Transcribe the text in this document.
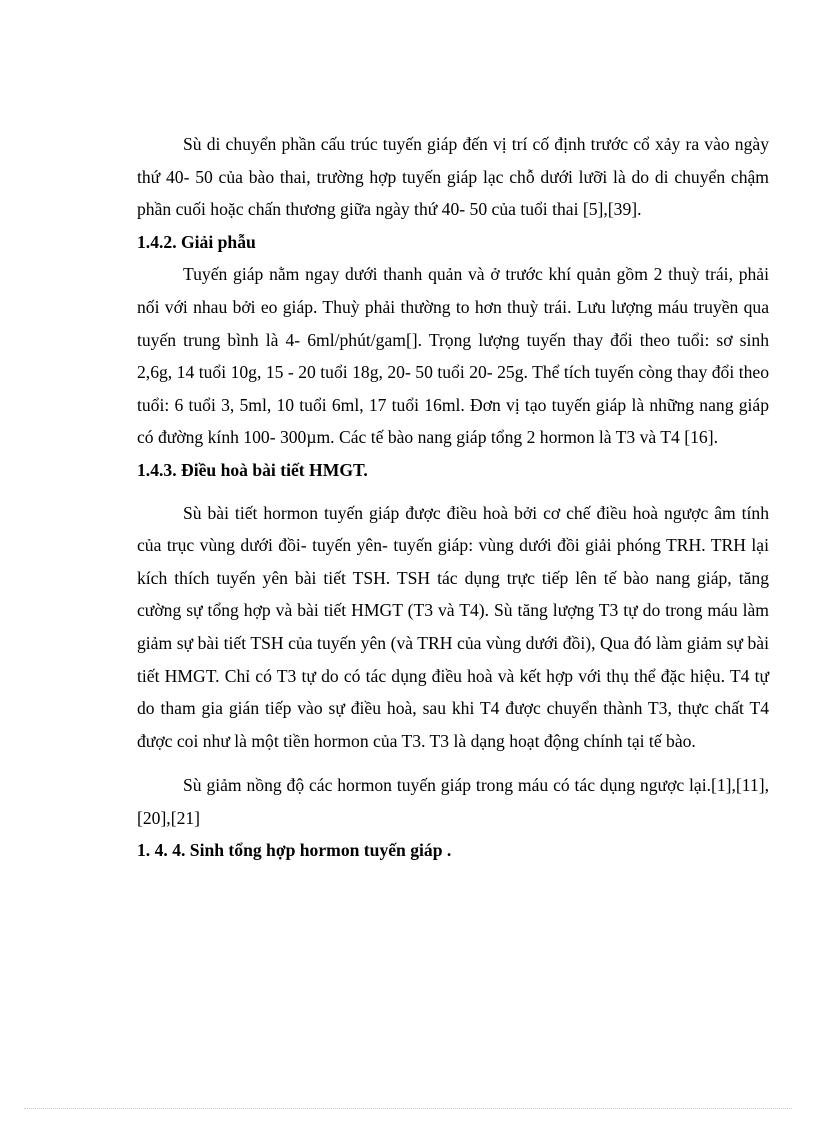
Sù di chuyển phần cấu trúc tuyến giáp đến vị trí cố định trước cổ xảy ra vào ngày thứ 40- 50 của bào thai, trường hợp tuyến giáp lạc chỗ dưới lưỡi là do di chuyển chậm phần cuối hoặc chấn thương giữa ngày thứ 40- 50 của tuổi thai [5],[39].

1.4.2. Giải phẫu

Tuyến giáp nằm ngay dưới thanh quản và ở trước khí quản gồm 2 thuỳ trái, phải nối với nhau bởi eo giáp. Thuỳ phải thường to hơn thuỳ trái. Lưu lượng máu truyền qua tuyến trung bình là 4- 6ml/phút/gam[]. Trọng lượng tuyến thay đổi theo tuổi: sơ sinh 2,6g, 14 tuổi 10g, 15 - 20 tuổi 18g, 20- 50 tuổi 20- 25g. Thể tích tuyến còng thay đổi theo tuổi: 6 tuổi 3, 5ml, 10 tuổi 6ml, 17 tuổi 16ml. Đơn vị tạo tuyến giáp là những nang giáp có đường kính 100- 300µm. Các tế bào nang giáp tổng 2 hormon là T3 và T4 [16].

1.4.3. Điều hoà bài tiết HMGT.

Sù bài tiết hormon tuyến giáp được điều hoà bởi cơ chế điều hoà ngược âm tính của trục vùng dưới đồi- tuyến yên- tuyến giáp: vùng dưới đồi giải phóng TRH. TRH lại kích thích tuyến yên bài tiết TSH. TSH tác dụng trực tiếp lên tế bào nang giáp, tăng cường sự tổng hợp và bài tiết HMGT (T3 và T4). Sù tăng lượng T3 tự do trong máu làm giảm sự bài tiết TSH của tuyến yên (và TRH của vùng dưới đồi), Qua đó làm giảm sự bài tiết HMGT. Chỉ có T3 tự do có tác dụng điều hoà và kết hợp với thụ thể đặc hiệu. T4 tự do tham gia gián tiếp vào sự điều hoà, sau khi T4 được chuyển thành T3, thực chất T4 được coi như là một tiền hormon của T3. T3 là dạng hoạt động chính tại tế bào.

Sù giảm nồng độ các hormon tuyến giáp trong máu có tác dụng ngược lại.[1],[11],[20],[21]

1. 4. 4. Sinh tổng hợp hormon tuyến giáp .
